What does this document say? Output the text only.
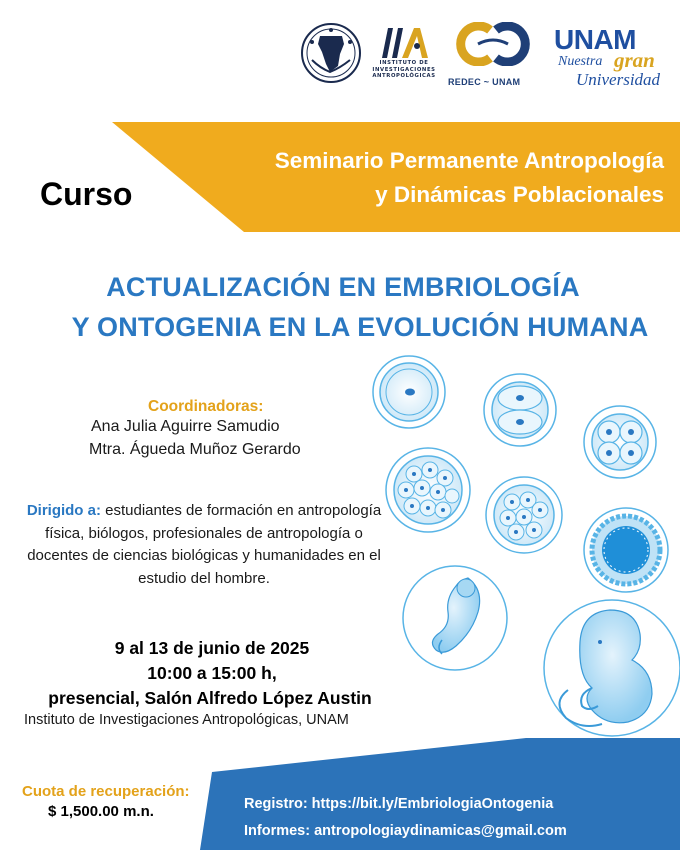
INSTITUTO DE
INVESTIGACIONES
ANTROPOLÓGICAS
REDEC ~ UNAM
UNAM
Nuestra gran
Universidad
Seminario Permanente Antropología
y Dinámicas Poblacionales
Curso
ACTUALIZACIÓN EN EMBRIOLOGÍA
Y ONTOGENIA EN LA EVOLUCIÓN HUMANA
Coordinadoras:
Ana Julia Aguirre Samudio
Mtra. Águeda Muñoz Gerardo
Dirigido a: estudiantes de formación en antropología física, biólogos, profesionales de antropología o docentes de ciencias biológicas y humanidades en el estudio del hombre.
9 al 13 de junio de 2025
10:00 a 15:00 h,
presencial, Salón Alfredo López Austin
Instituto de Investigaciones Antropológicas, UNAM
Registro: https://bit.ly/EmbriologiaOntogenia
Informes: antropologiaydinamicas@gmail.com
Cuota de recuperación:
$ 1,500.00 m.n.
